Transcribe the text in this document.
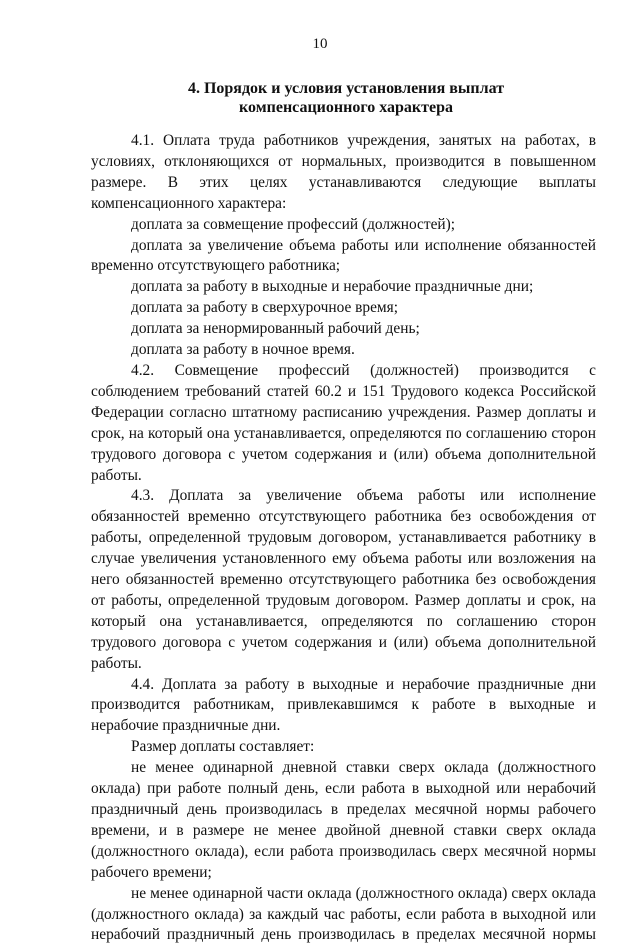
10
4. Порядок и условия установления выплат
компенсационного характера

4.1. Оплата труда работников учреждения, занятых на работах, в условиях, отклоняющихся от нормальных, производится в повышенном размере. В этих целях устанавливаются следующие выплаты компенсационного характера:

доплата за совмещение профессий (должностей);

доплата за увеличение объема работы или исполнение обязанностей временно отсутствующего работника;

доплата за работу в выходные и нерабочие праздничные дни;

доплата за работу в сверхурочное время;

доплата за ненормированный рабочий день;

доплата за работу в ночное время.

4.2. Совмещение профессий (должностей) производится с соблюдением требований статей 60.2 и 151 Трудового кодекса Российской Федерации согласно штатному расписанию учреждения. Размер доплаты и срок, на который она устанавливается, определяются по соглашению сторон трудового договора с учетом содержания и (или) объема дополнительной работы.

4.3. Доплата за увеличение объема работы или исполнение обязанностей временно отсутствующего работника без освобождения от работы, определенной трудовым договором, устанавливается работнику в случае увеличения установленного ему объема работы или возложения на него обязанностей временно отсутствующего работника без освобождения от работы, определенной трудовым договором. Размер доплаты и срок, на который она устанавливается, определяются по соглашению сторон трудового договора с учетом содержания и (или) объема дополнительной работы.

4.4. Доплата за работу в выходные и нерабочие праздничные дни производится работникам, привлекавшимся к работе в выходные и нерабочие праздничные дни.

Размер доплаты составляет:

не менее одинарной дневной ставки сверх оклада (должностного оклада) при работе полный день, если работа в выходной или нерабочий праздничный день производилась в пределах месячной нормы рабочего времени, и в размере не менее двойной дневной ставки сверх оклада (должностного оклада), если работа производилась сверх месячной нормы рабочего времени;

не менее одинарной части оклада (должностного оклада) сверх оклада (должностного оклада) за каждый час работы, если работа в выходной или нерабочий праздничный день производилась в пределах месячной нормы
